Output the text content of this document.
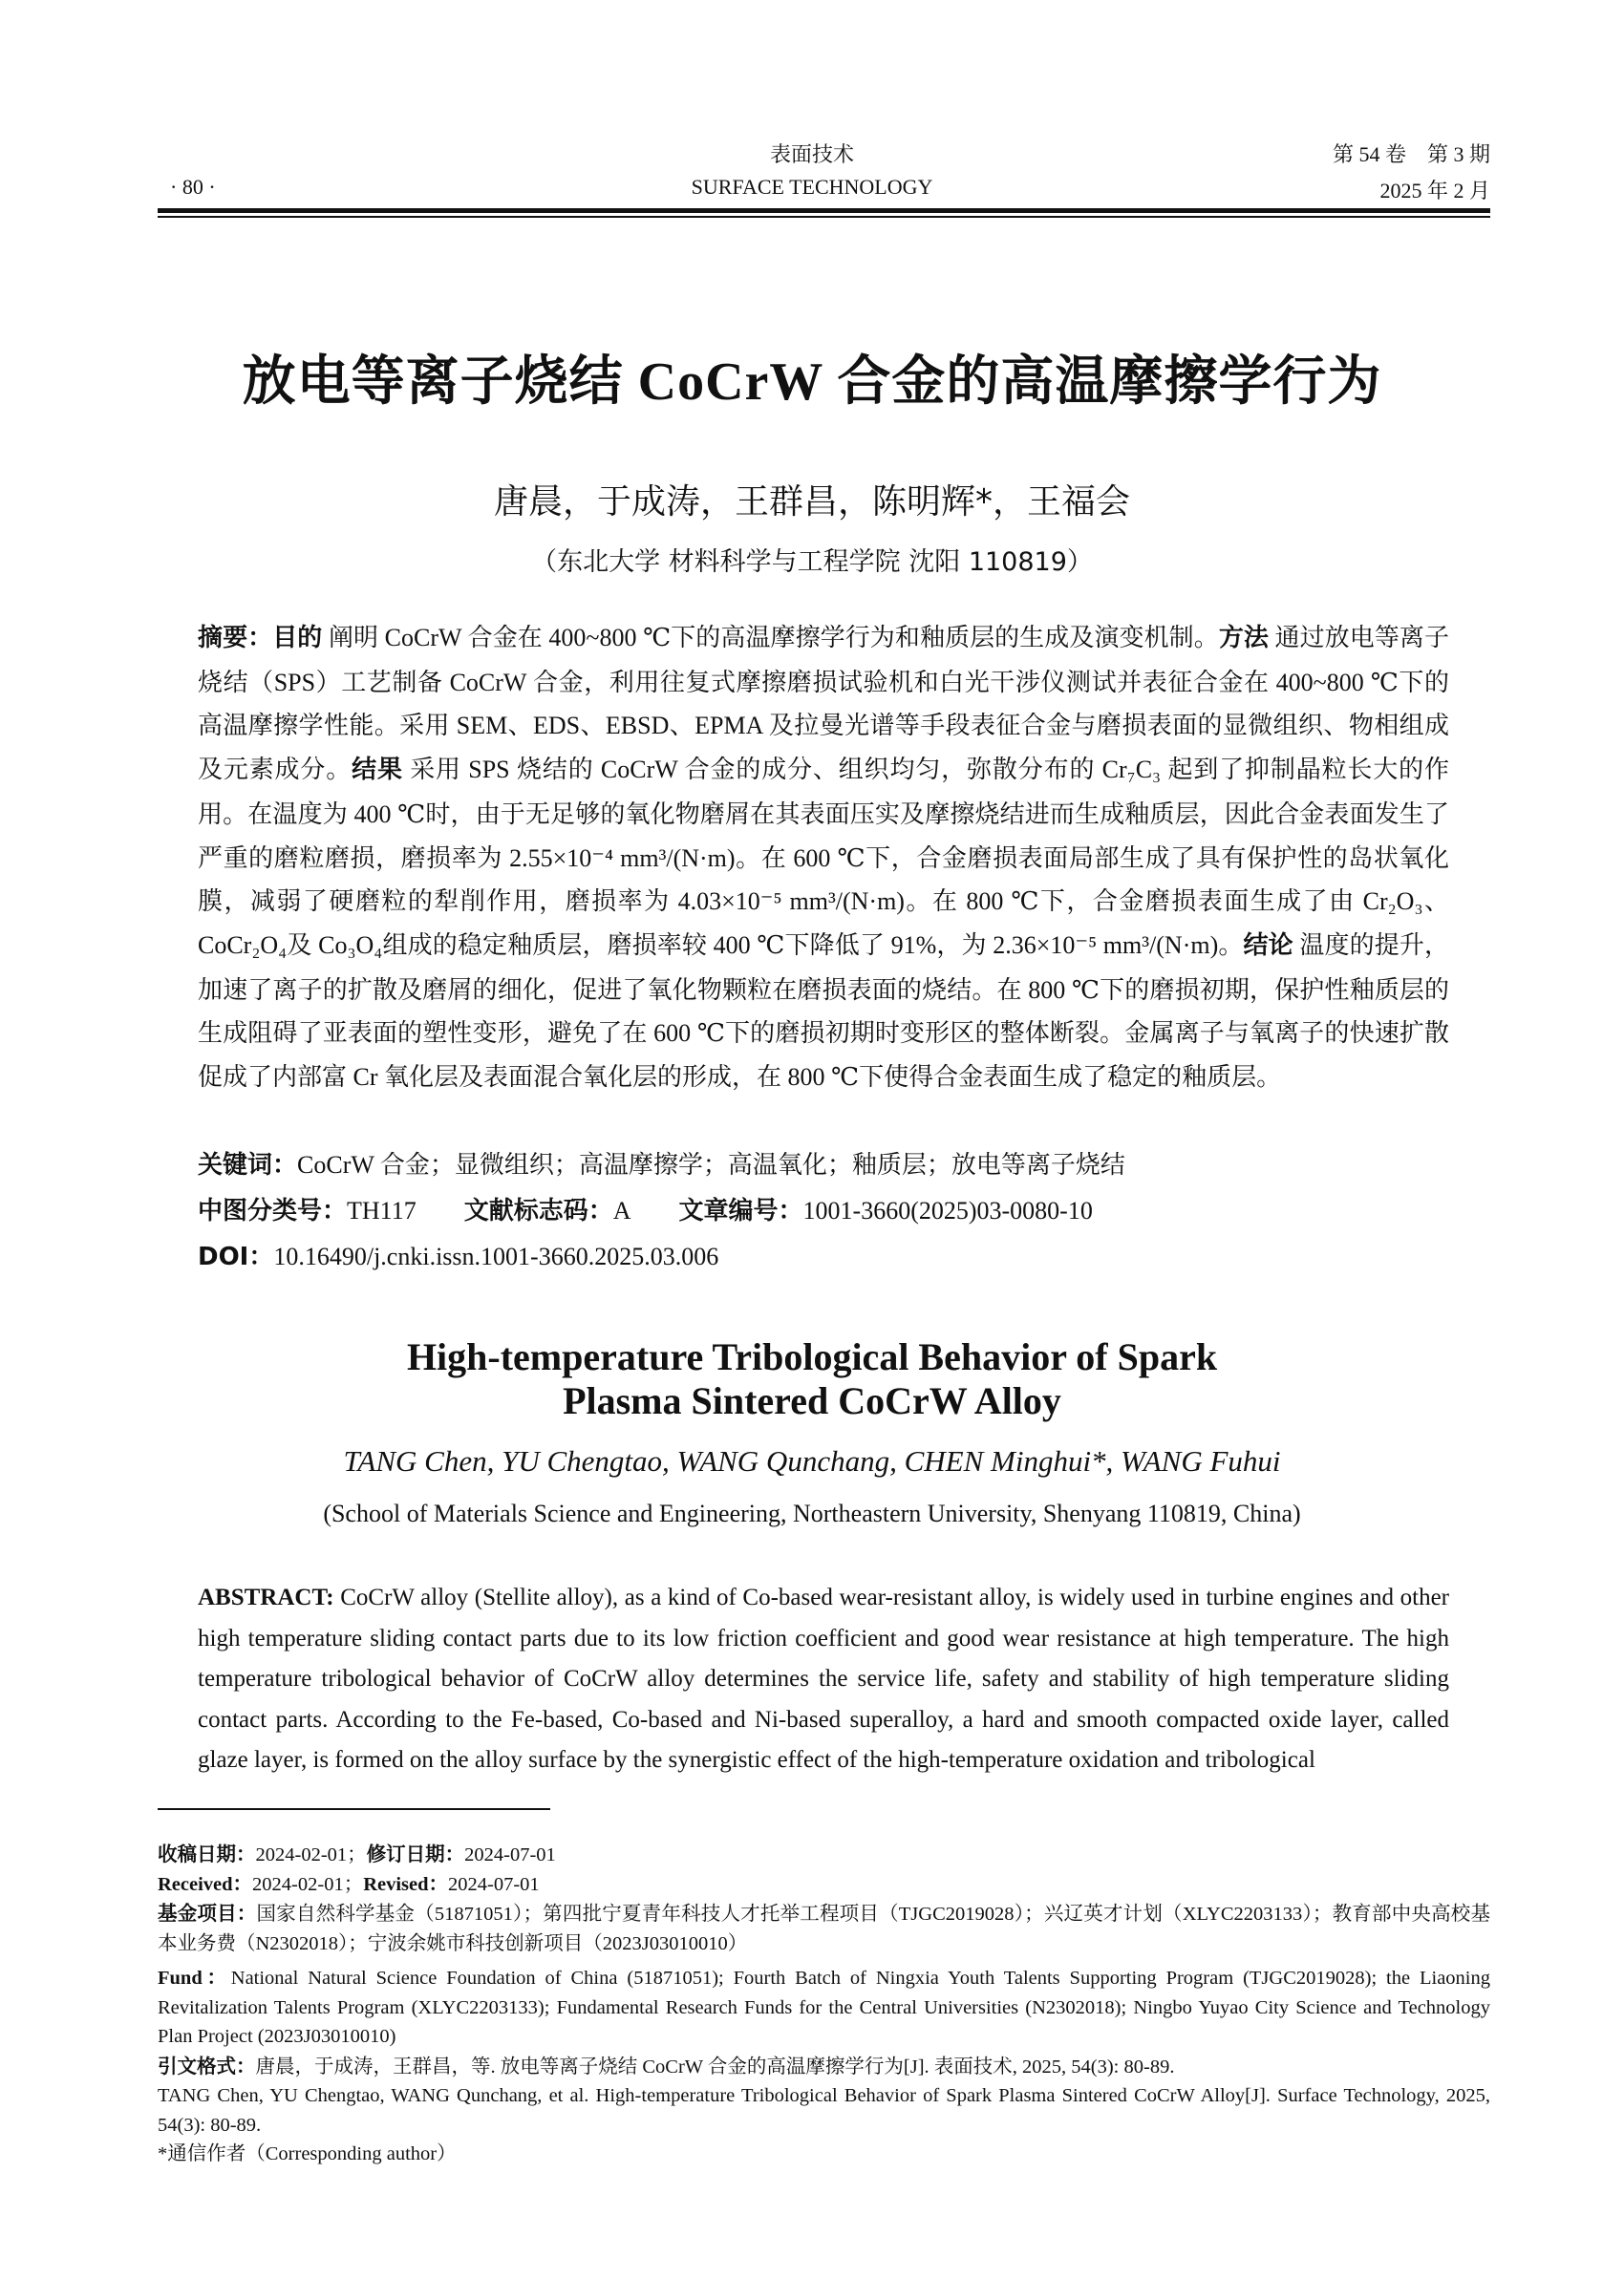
表面技术
SURFACE TECHNOLOGY
· 80 ·
第 54 卷　第 3 期
2025 年 2 月
放电等离子烧结 CoCrW 合金的高温摩擦学行为
唐晨，于成涛，王群昌，陈明辉*，王福会
（东北大学 材料科学与工程学院 沈阳 110819）
摘要：目的 阐明 CoCrW 合金在 400~800 ℃下的高温摩擦学行为和釉质层的生成及演变机制。方法 通过放电等离子烧结（SPS）工艺制备 CoCrW 合金，利用往复式摩擦磨损试验机和白光干涉仪测试并表征合金在 400~800 ℃下的高温摩擦学性能。采用 SEM、EDS、EBSD、EPMA 及拉曼光谱等手段表征合金与磨损表面的显微组织、物相组成及元素成分。结果 采用 SPS 烧结的 CoCrW 合金的成分、组织均匀，弥散分布的 Cr₇C₃ 起到了抑制晶粒长大的作用。在温度为 400 ℃时，由于无足够的氧化物磨屑在其表面压实及摩擦烧结进而生成釉质层，因此合金表面发生了严重的磨粒磨损，磨损率为 2.55×10⁻⁴ mm³/(N·m)。在 600 ℃下，合金磨损表面局部生成了具有保护性的岛状氧化膜，减弱了硬磨粒的犁削作用，磨损率为 4.03×10⁻⁵ mm³/(N·m)。在 800 ℃下，合金磨损表面生成了由 Cr₂O₃、CoCr₂O₄及 Co₃O₄组成的稳定釉质层，磨损率较 400 ℃下降低了 91%，为 2.36×10⁻⁵ mm³/(N·m)。结论 温度的提升，加速了离子的扩散及磨屑的细化，促进了氧化物颗粒在磨损表面的烧结。在 800 ℃下的磨损初期，保护性釉质层的生成阻碍了亚表面的塑性变形，避免了在 600 ℃下的磨损初期时变形区的整体断裂。金属离子与氧离子的快速扩散促成了内部富 Cr 氧化层及表面混合氧化层的形成，在 800 ℃下使得合金表面生成了稳定的釉质层。
关键词：CoCrW 合金；显微组织；高温摩擦学；高温氧化；釉质层；放电等离子烧结
中图分类号：TH117 文献标志码：A 文章编号：1001-3660(2025)03-0080-10
DOI：10.16490/j.cnki.issn.1001-3660.2025.03.006
High-temperature Tribological Behavior of Spark
Plasma Sintered CoCrW Alloy
TANG Chen, YU Chengtao, WANG Qunchang, CHEN Minghui*, WANG Fuhui
(School of Materials Science and Engineering, Northeastern University, Shenyang 110819, China)
ABSTRACT: CoCrW alloy (Stellite alloy), as a kind of Co-based wear-resistant alloy, is widely used in turbine engines and other high temperature sliding contact parts due to its low friction coefficient and good wear resistance at high temperature. The high temperature tribological behavior of CoCrW alloy determines the service life, safety and stability of high temperature sliding contact parts. According to the Fe-based, Co-based and Ni-based superalloy, a hard and smooth compacted oxide layer, called glaze layer, is formed on the alloy surface by the synergistic effect of the high-temperature oxidation and tribological

收稿日期：2024-02-01；修订日期：2024-07-01

Received：2024-02-01；Revised：2024-07-01

基金项目：国家自然科学基金（51871051）；第四批宁夏青年科技人才托举工程项目（TJGC2019028）；兴辽英才计划（XLYC2203133）；教育部中央高校基本业务费（N2302018）；宁波余姚市科技创新项目（2023J03010010）

Fund：National Natural Science Foundation of China (51871051); Fourth Batch of Ningxia Youth Talents Supporting Program (TJGC2019028); the Liaoning Revitalization Talents Program (XLYC2203133); Fundamental Research Funds for the Central Universities (N2302018); Ningbo Yuyao City Science and Technology Plan Project (2023J03010010)

引文格式：唐晨，于成涛，王群昌，等. 放电等离子烧结 CoCrW 合金的高温摩擦学行为[J]. 表面技术, 2025, 54(3): 80-89.

TANG Chen, YU Chengtao, WANG Qunchang, et al. High-temperature Tribological Behavior of Spark Plasma Sintered CoCrW Alloy[J]. Surface Technology, 2025, 54(3): 80-89.

*通信作者（Corresponding author）
